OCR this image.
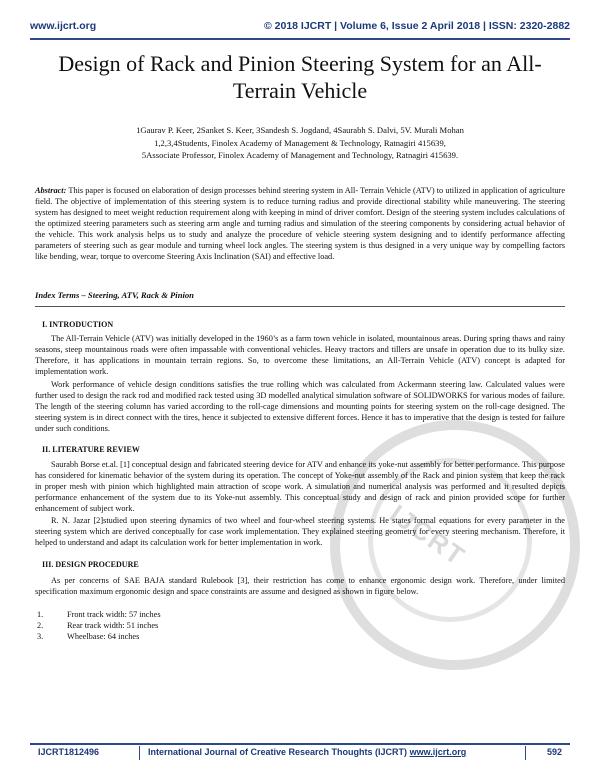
www.ijcrt.org	© 2018 IJCRT | Volume 6, Issue 2 April 2018 | ISSN: 2320-2882
Design of Rack and Pinion Steering System for an All-Terrain Vehicle
1Gaurav P. Keer, 2Sanket S. Keer, 3Sandesh S. Jogdand, 4Saurabh S. Dalvi, 5V. Murali Mohan
1,2,3,4Students, Finolex Academy of Management & Technology, Ratnagiri 415639,
5Associate Professor, Finolex Academy of Management and Technology, Ratnagiri 415639.
Abstract: This paper is focused on elaboration of design processes behind steering system in All- Terrain Vehicle (ATV) to utilized in application of agriculture field. The objective of implementation of this steering system is to reduce turning radius and provide directional stability while maneuvering. The steering system has designed to meet weight reduction requirement along with keeping in mind of driver comfort. Design of the steering system includes calculations of the optimized steering parameters such as steering arm angle and turning radius and simulation of the steering components by considering actual behavior of the vehicle. This work analysis helps us to study and analyze the procedure of vehicle steering system designing and to identify performance affecting parameters of steering such as gear module and turning wheel lock angles. The steering system is thus designed in a very unique way by compelling factors like bending, wear, torque to overcome Steering Axis Inclination (SAI) and effective load.
Index Terms – Steering, ATV, Rack & Pinion
IJCRT
I. INTRODUCTION
The All-Terrain Vehicle (ATV) was initially developed in the 1960’s as a farm town vehicle in isolated, mountainous areas. During spring thaws and rainy seasons, steep mountainous roads were often impassable with conventional vehicles. Heavy tractors and tillers are unsafe in operation due to its bulky size. Therefore, it has applications in mountain terrain regions. So, to overcome these limitations, an All-Terrain Vehicle (ATV) concept is adapted for implementation work.
Work performance of vehicle design conditions satisfies the true rolling which was calculated from Ackermann steering law. Calculated values were further used to design the rack rod and modified rack tested using 3D modelled analytical simulation software of SOLIDWORKS for various modes of failure. The length of the steering column has varied according to the roll-cage dimensions and mounting points for steering system on the roll-cage designed. The steering system is in direct connect with the tires, hence it subjected to extensive different forces. Hence it has to imperative that the design is tested for failure under such conditions.
II. LITERATURE REVIEW
Saurabh Borse et.al. [1] conceptual design and fabricated steering device for ATV and enhance its yoke-nut assembly for better performance. This purpose has considered for kinematic behavior of the system during its operation. The concept of Yoke-nut assembly of the Rack and pinion system that keep the rack in proper mesh with pinion which highlighted main attraction of scope work. A simulation and numerical analysis was performed and it resulted depicts performance enhancement of the system due to its Yoke-nut assembly. This conceptual study and design of rack and pinion provided scope for further enhancement of subject work.
R. N. Jazar [2]studied upon steering dynamics of two wheel and four-wheel steering systems. He states formal equations for every parameter in the steering system which are derived conceptually for case work implementation. They explained steering geometry for every steering mechanism. Therefore, it helped to understand and adapt its calculation work for better implementation in work.
III. DESIGN PROCEDURE
As per concerns of SAE BAJA standard Rulebook [3], their restriction has come to enhance ergonomic design work. Therefore, under limited specification maximum ergonomic design and space constraints are assume and designed as shown in figure below.
1.	Front track width: 57 inches
2.	Rear track width: 51 inches
3.	Wheelbase: 64 inches
IJCRT1812496	International Journal of Creative Research Thoughts (IJCRT) www.ijcrt.org	592
